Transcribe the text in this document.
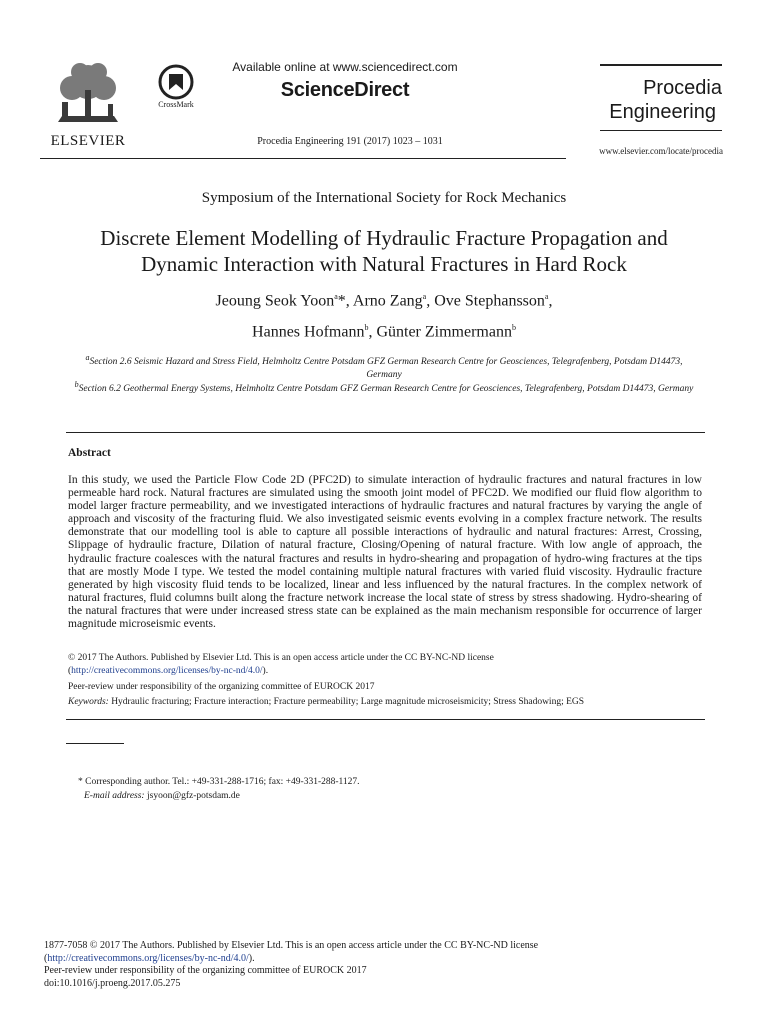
ELSEVIER
CrossMark
Available online at www.sciencedirect.com
ScienceDirect
Procedia Engineering 191 (2017) 1023 – 1031
Procedia
Engineering
www.elsevier.com/locate/procedia
Symposium of the International Society for Rock Mechanics
Discrete Element Modelling of Hydraulic Fracture Propagation and
Dynamic Interaction with Natural Fractures in Hard Rock
Jeoung Seok Yoon$^a$*, Arno Zang$^a$, Ove Stephansson$^a$,
Hannes Hofmann$^b$, Günter Zimmermann$^b$
$^a$Section 2.6 Seismic Hazard and Stress Field, Helmholtz Centre Potsdam GFZ German Research Centre for Geosciences, Telegrafenberg, Potsdam D14473, Germany
$^b$Section 6.2 Geothermal Energy Systems, Helmholtz Centre Potsdam GFZ German Research Centre for Geosciences, Telegrafenberg, Potsdam D14473, Germany
Abstract
In this study, we used the Particle Flow Code 2D (PFC2D) to simulate interaction of hydraulic fractures and natural fractures in low permeable hard rock. Natural fractures are simulated using the smooth joint model of PFC2D. We modified our fluid flow algorithm to model larger fracture permeability, and we investigated interactions of hydraulic fractures and natural fractures by varying the angle of approach and viscosity of the fracturing fluid. We also investigated seismic events evolving in a complex fracture network. The results demonstrate that our modelling tool is able to capture all possible interactions of hydraulic and natural fractures: Arrest, Crossing, Slippage of hydraulic fracture, Dilation of natural fracture, Closing/Opening of natural fracture. With low angle of approach, the hydraulic fracture coalesces with the natural fractures and results in hydro-shearing and propagation of hydro-wing fractures at the tips that are mostly Mode I type. We tested the model containing multiple natural fractures with varied fluid viscosity. Hydraulic fracture generated by high viscosity fluid tends to be localized, linear and less influenced by the natural fractures. In the complex network of natural fractures, fluid columns built along the fracture network increase the local state of stress by stress shadowing. Hydro-shearing of the natural fractures that were under increased stress state can be explained as the main mechanism responsible for occurrence of larger magnitude microseismic events.
© 2017 The Authors. Published by Elsevier Ltd. This is an open access article under the CC BY-NC-ND license
(http://creativecommons.org/licenses/by-nc-nd/4.0/).
Peer-review under responsibility of the organizing committee of EUROCK 2017
Keywords: Hydraulic fracturing; Fracture interaction; Fracture permeability; Large magnitude microseismicity; Stress Shadowing; EGS
* Corresponding author. Tel.: +49-331-288-1716; fax: +49-331-288-1127.
E-mail address: jsyoon@gfz-potsdam.de
1877-7058 © 2017 The Authors. Published by Elsevier Ltd. This is an open access article under the CC BY-NC-ND license
(http://creativecommons.org/licenses/by-nc-nd/4.0/).
Peer-review under responsibility of the organizing committee of EUROCK 2017
doi:10.1016/j.proeng.2017.05.275
